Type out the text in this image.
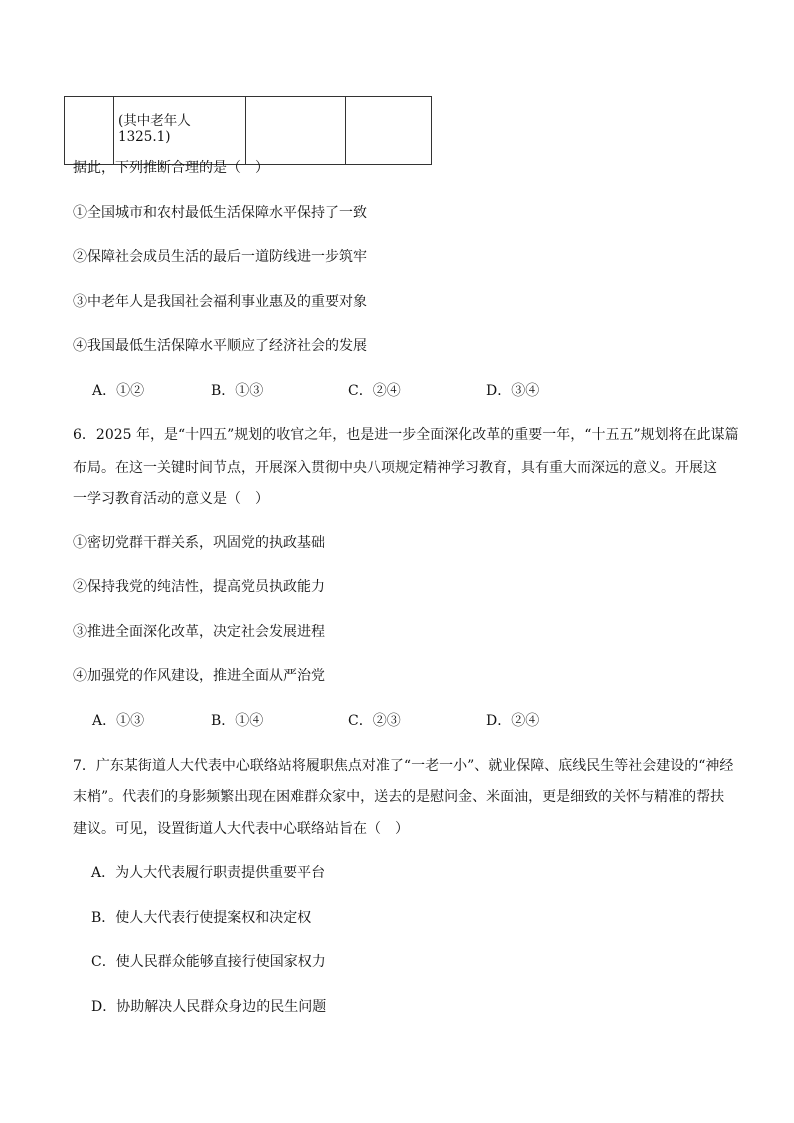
	(其中老年人 1325.1)		
据此，下列推断合理的是（　）
①全国城市和农村最低生活保障水平保持了一致
②保障社会成员生活的最后一道防线进一步筑牢
③中老年人是我国社会福利事业惠及的重要对象
④我国最低生活保障水平顺应了经济社会的发展
A．①②	B．①③	C．②④	D．③④
6．2025 年，是“十四五”规划的收官之年，也是进一步全面深化改革的重要一年，“十五五”规划将在此谋篇
布局。在这一关键时间节点，开展深入贯彻中央八项规定精神学习教育，具有重大而深远的意义。开展这
一学习教育活动的意义是（　）
①密切党群干群关系，巩固党的执政基础
②保持我党的纯洁性，提高党员执政能力
③推进全面深化改革，决定社会发展进程
④加强党的作风建设，推进全面从严治党
A．①③	B．①④	C．②③	D．②④
7．广东某街道人大代表中心联络站将履职焦点对准了“一老一小”、就业保障、底线民生等社会建设的“神经
末梢”。代表们的身影频繁出现在困难群众家中，送去的是慰问金、米面油，更是细致的关怀与精准的帮扶
建议。可见，设置街道人大代表中心联络站旨在（　）
A．为人大代表履行职责提供重要平台
B．使人大代表行使提案权和决定权
C．使人民群众能够直接行使国家权力
D．协助解决人民群众身边的民生问题
